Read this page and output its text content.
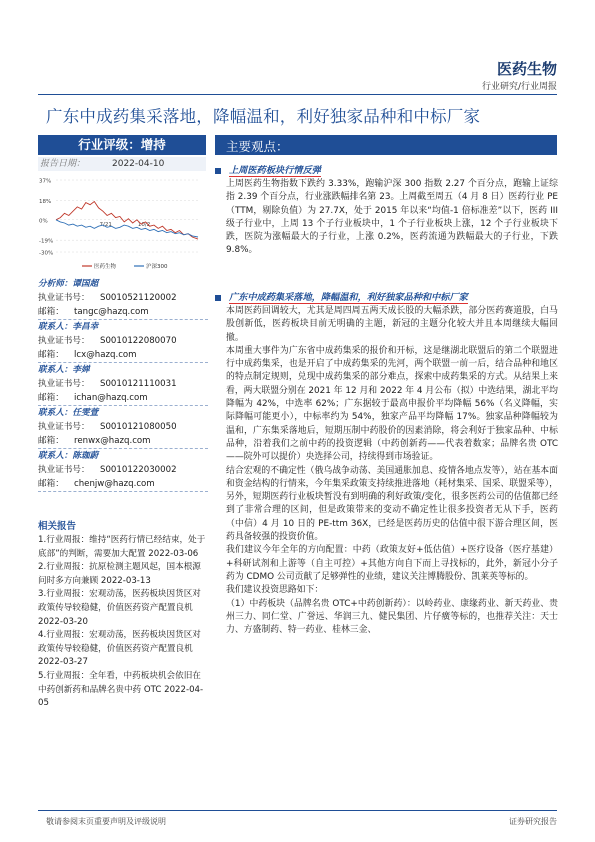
医药生物
行业研究/行业周报
广东中成药集采落地，降幅温和，利好独家品种和中标厂家
行业评级：增持
报告日期：	2022-04-10
37%
18%
0%
-19%
-30%
7/21	10/2
医药生物	沪深300
分析师：谭国超
执业证书号：	S0010521120002
邮箱：	tangc@hazq.com
联系人：李昌幸
执业证书号：	S0010122080070
邮箱：	lcx@hazq.com
联系人：李婵
执业证书号：	S0010121110031
邮箱：	ichan@hazq.com
联系人：任雯萱
执业证书号：	S0010121080050
邮箱：	renwx@hazq.com
联系人：陈珈蔚
执业证书号：	S0010122030002
邮箱：	chenjw@hazq.com
相关报告

1.行业周报：维持“医药行情已经结束，处于底部”的判断，需要加大配置 2022-03-06

2.行业周报：抗原检测主题风起，国本根源问时多方向兼顾 2022-03-13

3.行业周报：宏观动荡，医药板块因货区对政策传导较稳健，价值医药资产配置良机 2022-03-20

4.行业周报：宏观动荡，医药板块因货区对政策传导较稳健，价值医药资产配置良机 2022-03-27

5.行业周报：全年看，中药板块机会依旧在中药创新药和品牌名贵中药 OTC 2022-04-05

主要观点：
上周医药板块行情反弹

上周医药生物指数下跌约 3.33%，跑输沪深 300 指数 2.27 个百分点，跑输上证综指 2.39 个百分点，行业涨跌幅排名第 23。上周截至周五（4 月 8 日）医药行业 PE（TTM，剔除负值）为 27.7X，处于 2015 年以来“均值-1 倍标准差”以下，医药 III 级子行业中，上周 13 个子行业板块中，1 个子行业板块上涨，12 个子行业板块下跌，医院为涨幅最大的子行业，上涨 0.2%，医药流通为跌幅最大的子行业，下跌 9.8%。

广东中成药集采落地，降幅温和，利好独家品种和中标厂家

本周医药回调较大，尤其是周四周五两天成长股的大幅杀跌，部分医药赛道股，白马股创新低，医药板块目前无明确的主题，新冠的主题分化较大并且本周继续大幅回撤。

本周重大事件为广东省中成药集采的报价和开标，这是继湖北联盟后的第二个联盟进行中成药集采，也是开启了中成药集采的先河，两个联盟一前一后，结合品种和地区的特点制定规则，兑现中成药集采的部分难点，探索中成药集采的方式。从结果上来看，两大联盟分别在 2021 年 12 月和 2022 年 4 月公布（拟）中选结果，湖北平均降幅为 42%，中选率 62%；广东据较于最高申报价平均降幅 56%（名义降幅，实际降幅可能更小），中标率约为 54%，独家产品平均降幅 17%。独家品种降幅较为温和，广东集采落地后，短期压制中药股价的因素消除，将会利好于独家品种、中标品种，沿着我们之前中药的投资逻辑（中药创新药——代表着数家；品牌名贵 OTC——院外可以提价）央选择公司，持续得到市场验证。

结合宏观的不确定性（俄乌战争动荡、美国通胀加息、疫情各地点发等），站在基本面和资金结构的行情来，今年集采政策支持续推进落地（耗材集采、国采、联盟采等），另外，短期医药行业板块暂没有到明确的利好政策/变化，很多医药公司的估值都已经到了非常合理的区间，但是政策带来的变动不确定性让很多投资者无从下手，医药（中信）4 月 10 日的 PE-ttm 36X，已经是医药历史的估值中很下游合理区间，医药具备较强的投资价值。

我们建议今年全年的方向配置：中药（政策友好+低估值）+医疗设备（医疗基建）+科研试剂和上游等（自主可控）+其他方向自下而上寻找标的，此外，新冠小分子药为 CDMO 公司贡献了足够弹性的业绩，建议关注博腾股份、凯莱英等标的。

我们建议投资思路如下：

（1）中药板块（品牌名贵 OTC+中药创新药）：以岭药业、康缘药业、新天药业、贵州三力、同仁堂、广誉远、华润三九、健民集团、片仔癀等标的，也推荐关注：天士力、方盛制药、特一药业、桂林三金、

敬请参阅末页重要声明及评级说明	证券研究报告
